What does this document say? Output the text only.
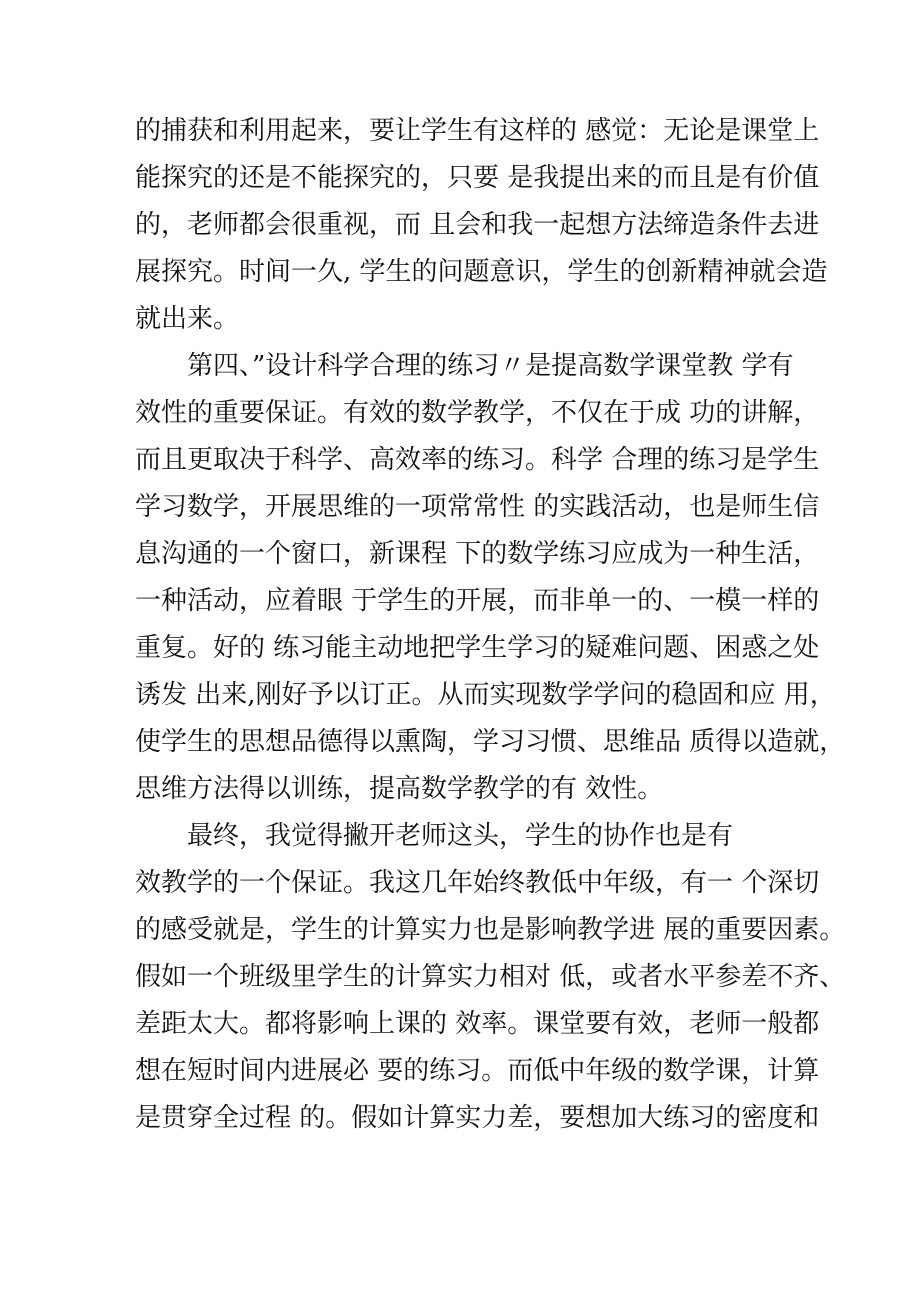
的捕获和利用起来，要让学生有这样的 感觉：无论是课堂上
能探究的还是不能探究的，只要 是我提出来的而且是有价值
的，老师都会很重视，而 且会和我一起想方法缔造条件去进
展探究。时间一久, 学生的问题意识，学生的创新精神就会造
就出来。
第四、”设计科学合理的练习〃是提高数学课堂教 学有
效性的重要保证。有效的数学教学，不仅在于成 功的讲解，
而且更取决于科学、高效率的练习。科学 合理的练习是学生
学习数学，开展思维的一项常常性 的实践活动，也是师生信
息沟通的一个窗口，新课程 下的数学练习应成为一种生活，
一种活动，应着眼 于学生的开展，而非单一的、一模一样的
重复。好的 练习能主动地把学生学习的疑难问题、困惑之处
诱发 出来,刚好予以订正。从而实现数学学问的稳固和应 用，
使学生的思想品德得以熏陶，学习习惯、思维品 质得以造就，
思维方法得以训练，提高数学教学的有 效性。
最终，我觉得撇开老师这头，学生的协作也是有
效教学的一个保证。我这几年始终教低中年级，有一 个深切
的感受就是，学生的计算实力也是影响教学进 展的重要因素。
假如一个班级里学生的计算实力相对 低，或者水平参差不齐、
差距太大。都将影响上课的 效率。课堂要有效，老师一般都
想在短时间内进展必 要的练习。而低中年级的数学课，计算
是贯穿全过程 的。假如计算实力差，要想加大练习的密度和
